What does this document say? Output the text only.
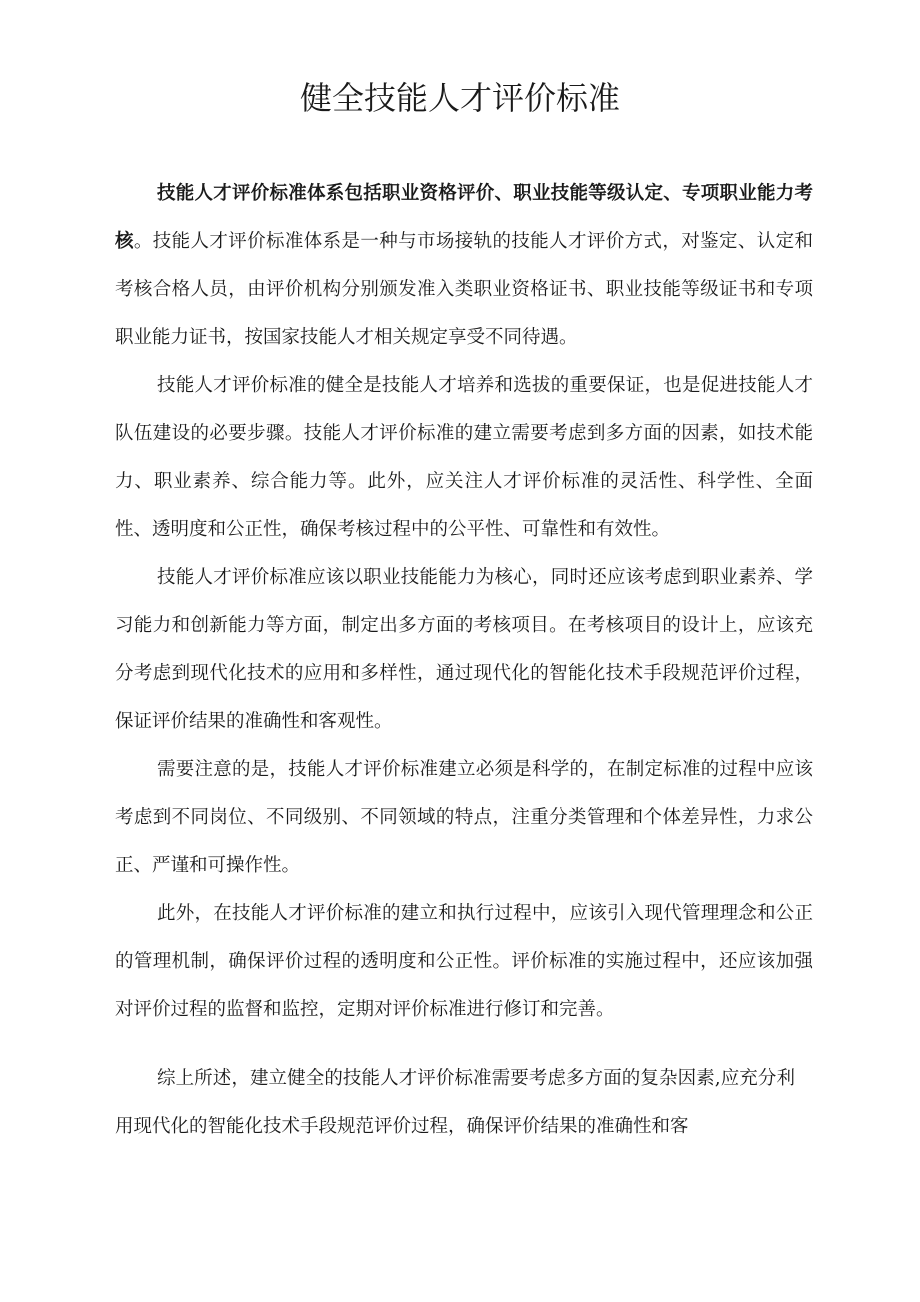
健全技能人才评价标准

技能人才评价标准体系包括职业资格评价、职业技能等级认定、专项职业能力考核。技能人才评价标准体系是一种与市场接轨的技能人才评价方式，对鉴定、认定和考核合格人员，由评价机构分别颁发准入类职业资格证书、职业技能等级证书和专项职业能力证书，按国家技能人才相关规定享受不同待遇。

技能人才评价标准的健全是技能人才培养和选拔的重要保证，也是促进技能人才队伍建设的必要步骤。技能人才评价标准的建立需要考虑到多方面的因素，如技术能力、职业素养、综合能力等。此外，应关注人才评价标准的灵活性、科学性、全面性、透明度和公正性，确保考核过程中的公平性、可靠性和有效性。

技能人才评价标准应该以职业技能能力为核心，同时还应该考虑到职业素养、学习能力和创新能力等方面，制定出多方面的考核项目。在考核项目的设计上，应该充分考虑到现代化技术的应用和多样性，通过现代化的智能化技术手段规范评价过程，保证评价结果的准确性和客观性。

需要注意的是，技能人才评价标准建立必须是科学的，在制定标准的过程中应该考虑到不同岗位、不同级别、不同领域的特点，注重分类管理和个体差异性，力求公正、严谨和可操作性。

此外，在技能人才评价标准的建立和执行过程中，应该引入现代管理理念和公正的管理机制，确保评价过程的透明度和公正性。评价标准的实施过程中，还应该加强对评价过程的监督和监控，定期对评价标准进行修订和完善。

综上所述，建立健全的技能人才评价标准需要考虑多方面的复杂因素,应充分利用现代化的智能化技术手段规范评价过程，确保评价结果的准确性和客
